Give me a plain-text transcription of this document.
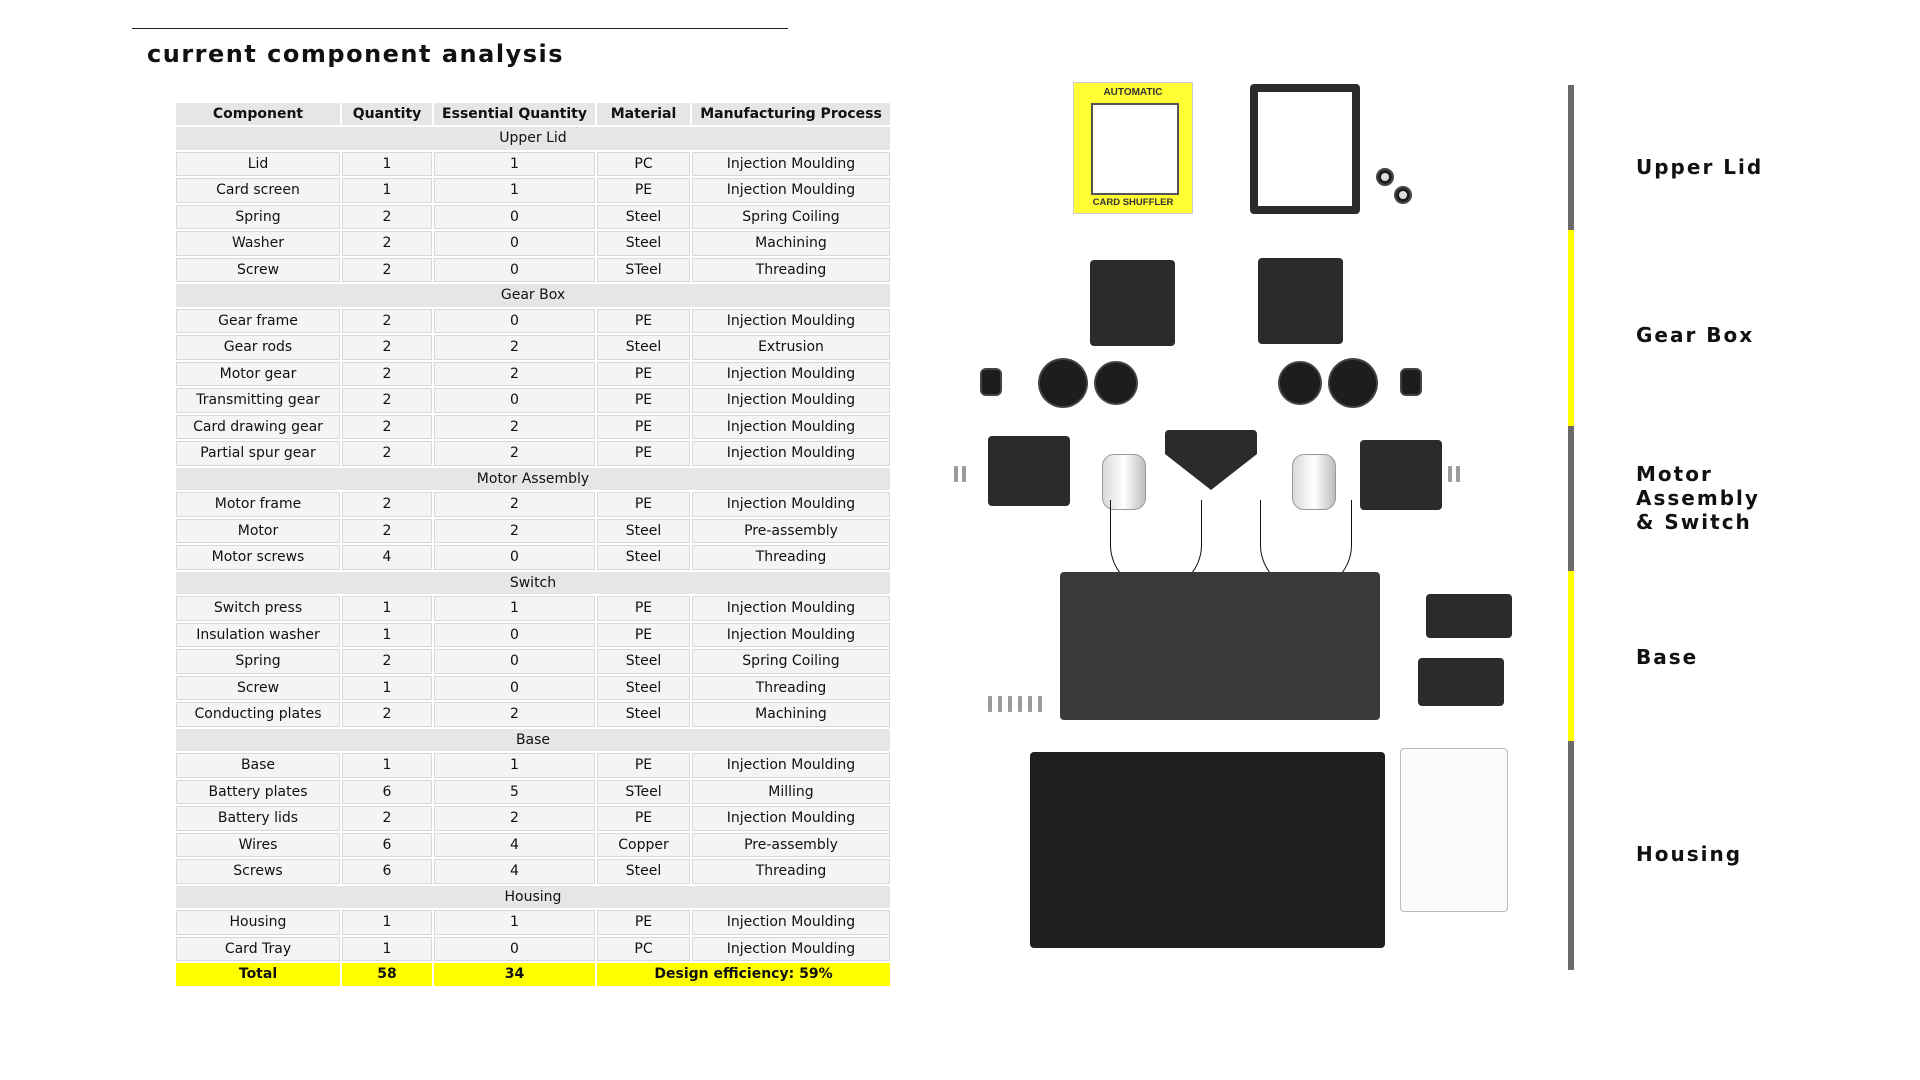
current component analysis
Component	Quantity	Essential Quantity	Material	Manufacturing Process
Upper Lid				
Lid	1	1	PC	Injection Moulding
Card screen	1	1	PE	Injection Moulding
Spring	2	0	Steel	Spring Coiling
Washer	2	0	Steel	Machining
Screw	2	0	STeel	Threading
Gear Box				
Gear frame	2	0	PE	Injection Moulding
Gear rods	2	2	Steel	Extrusion
Motor gear	2	2	PE	Injection Moulding
Transmitting gear	2	0	PE	Injection Moulding
Card drawing gear	2	2	PE	Injection Moulding
Partial spur gear	2	2	PE	Injection Moulding
Motor Assembly				
Motor frame	2	2	PE	Injection Moulding
Motor	2	2	Steel	Pre-assembly
Motor screws	4	0	Steel	Threading
Switch				
Switch press	1	1	PE	Injection Moulding
Insulation washer	1	0	PE	Injection Moulding
Spring	2	0	Steel	Spring Coiling
Screw	1	0	Steel	Threading
Conducting plates	2	2	Steel	Machining
Base				
Base	1	1	PE	Injection Moulding
Battery plates	6	5	STeel	Milling
Battery lids	2	2	PE	Injection Moulding
Wires	6	4	Copper	Pre-assembly
Screws	6	4	Steel	Threading
Housing				
Housing	1	1	PE	Injection Moulding
Card Tray	1	0	PC	Injection Moulding
Total	58	34	Design efficiency: 59%	
AUTOMATIC
CARD SHUFFLER
Upper Lid
Gear Box
Motor
Assembly
& Switch
Base
Housing
